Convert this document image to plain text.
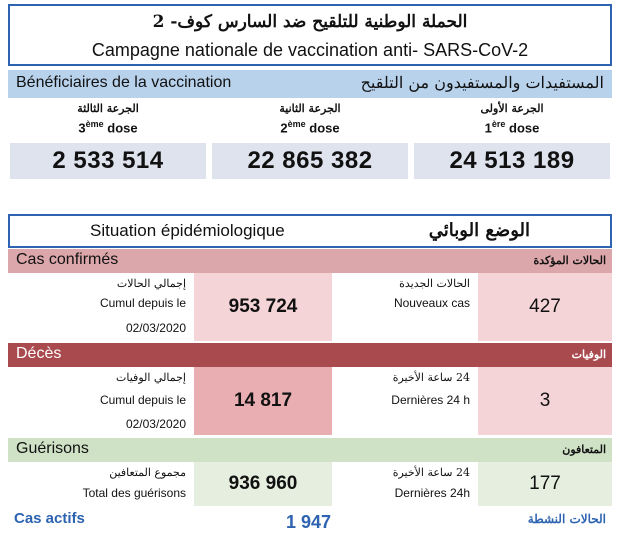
الحملة الوطنية للتلقيح ضد السارس كوف- 2
Campagne nationale de vaccination anti- SARS-CoV-2
Bénéficiaires de la vaccination	المستفيدات والمستفيدون من التلقيح
الجرعة الثالثة
3ème dose
2 533 514
الجرعة الثانية
2ème dose
22 865 382
الجرعة الأولى
1ère dose
24 513 189
Situation épidémiologique	الوضع الوبائي
Cas confirmés	الحالات المؤكدة
إجمالي الحالات
Cumul depuis le
02/03/2020
953 724
الحالات الجديدة
Nouveaux cas	427
Décès	الوفيات
إجمالي الوفيات
Cumul depuis le
02/03/2020
14 817
24 ساعة الأخيرة
Dernières 24 h	3
Guérisons	المتعافون
مجموع المتعافين
Total des guérisons	936 960
24 ساعة الأخيرة
Dernières 24h	177
Cas actifs	1 947	الحالات النشطة
